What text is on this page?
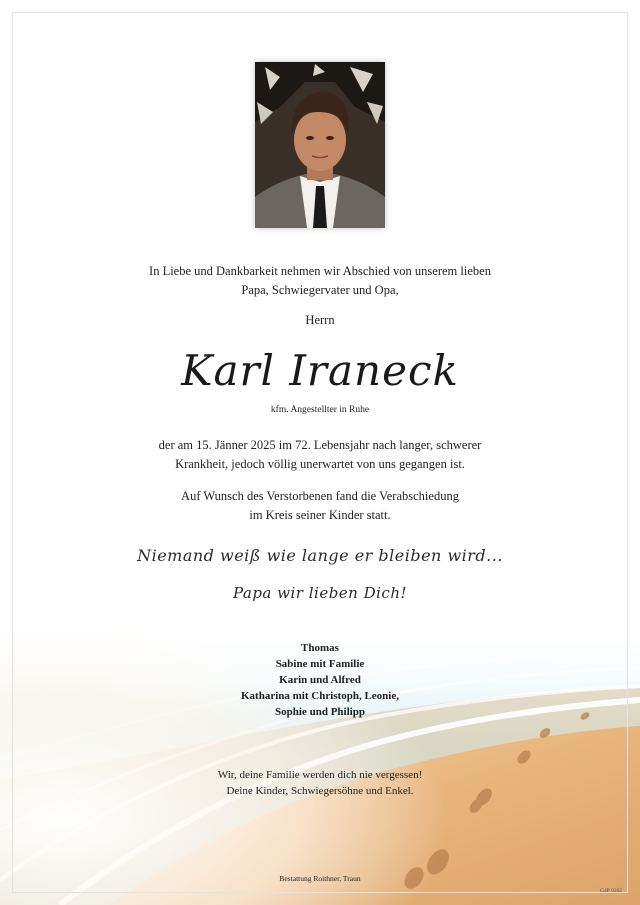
In Liebe und Dankbarkeit nehmen wir Abschied von unserem lieben
Papa, Schwiegervater und Opa,
Herrn
Karl Iraneck
kfm. Angestellter in Ruhe
der am 15. Jänner 2025 im 72. Lebensjahr nach langer, schwerer
Krankheit, jedoch völlig unerwartet von uns gegangen ist.
Auf Wunsch des Verstorbenen fand die Verabschiedung
im Kreis seiner Kinder statt.
Niemand weiß wie lange er bleiben wird...
Papa wir lieben Dich!
Thomas
Sabine mit Familie
Karin und Alfred
Katharina mit Christoph, Leonie,
Sophie und Philipp
Wir, deine Familie werden dich nie vergessen!
Deine Kinder, Schwiegersöhne und Enkel.
Bestattung Roithner, Traun
G4P 9262
